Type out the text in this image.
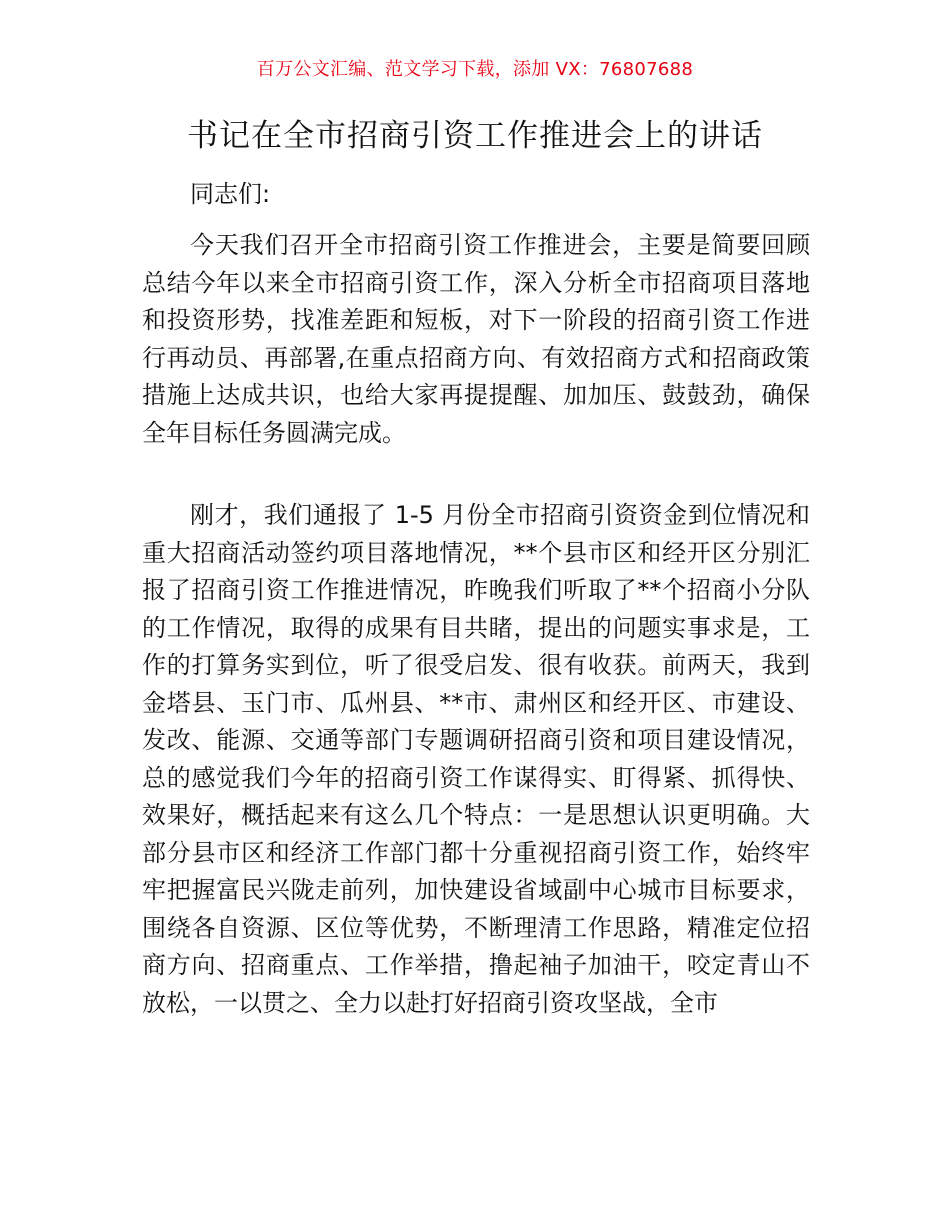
百万公文汇编、范文学习下载，添加 VX：76807688
书记在全市招商引资工作推进会上的讲话

同志们:

今天我们召开全市招商引资工作推进会，主要是简要回顾总结今年以来全市招商引资工作，深入分析全市招商项目落地和投资形势，找准差距和短板，对下一阶段的招商引资工作进行再动员、再部署,在重点招商方向、有效招商方式和招商政策措施上达成共识，也给大家再提提醒、加加压、鼓鼓劲，确保全年目标任务圆满完成。

刚才，我们通报了 1-5 月份全市招商引资资金到位情况和重大招商活动签约项目落地情况，**个县市区和经开区分别汇报了招商引资工作推进情况，昨晚我们听取了**个招商小分队的工作情况，取得的成果有目共睹，提出的问题实事求是，工作的打算务实到位，听了很受启发、很有收获。前两天，我到金塔县、玉门市、瓜州县、**市、肃州区和经开区、市建设、发改、能源、交通等部门专题调研招商引资和项目建设情况，总的感觉我们今年的招商引资工作谋得实、盯得紧、抓得快、效果好，概括起来有这么几个特点：一是思想认识更明确。大部分县市区和经济工作部门都十分重视招商引资工作，始终牢牢把握富民兴陇走前列，加快建设省域副中心城市目标要求，围绕各自资源、区位等优势，不断理清工作思路，精准定位招商方向、招商重点、工作举措，撸起袖子加油干，咬定青山不放松，一以贯之、全力以赴打好招商引资攻坚战，全市
